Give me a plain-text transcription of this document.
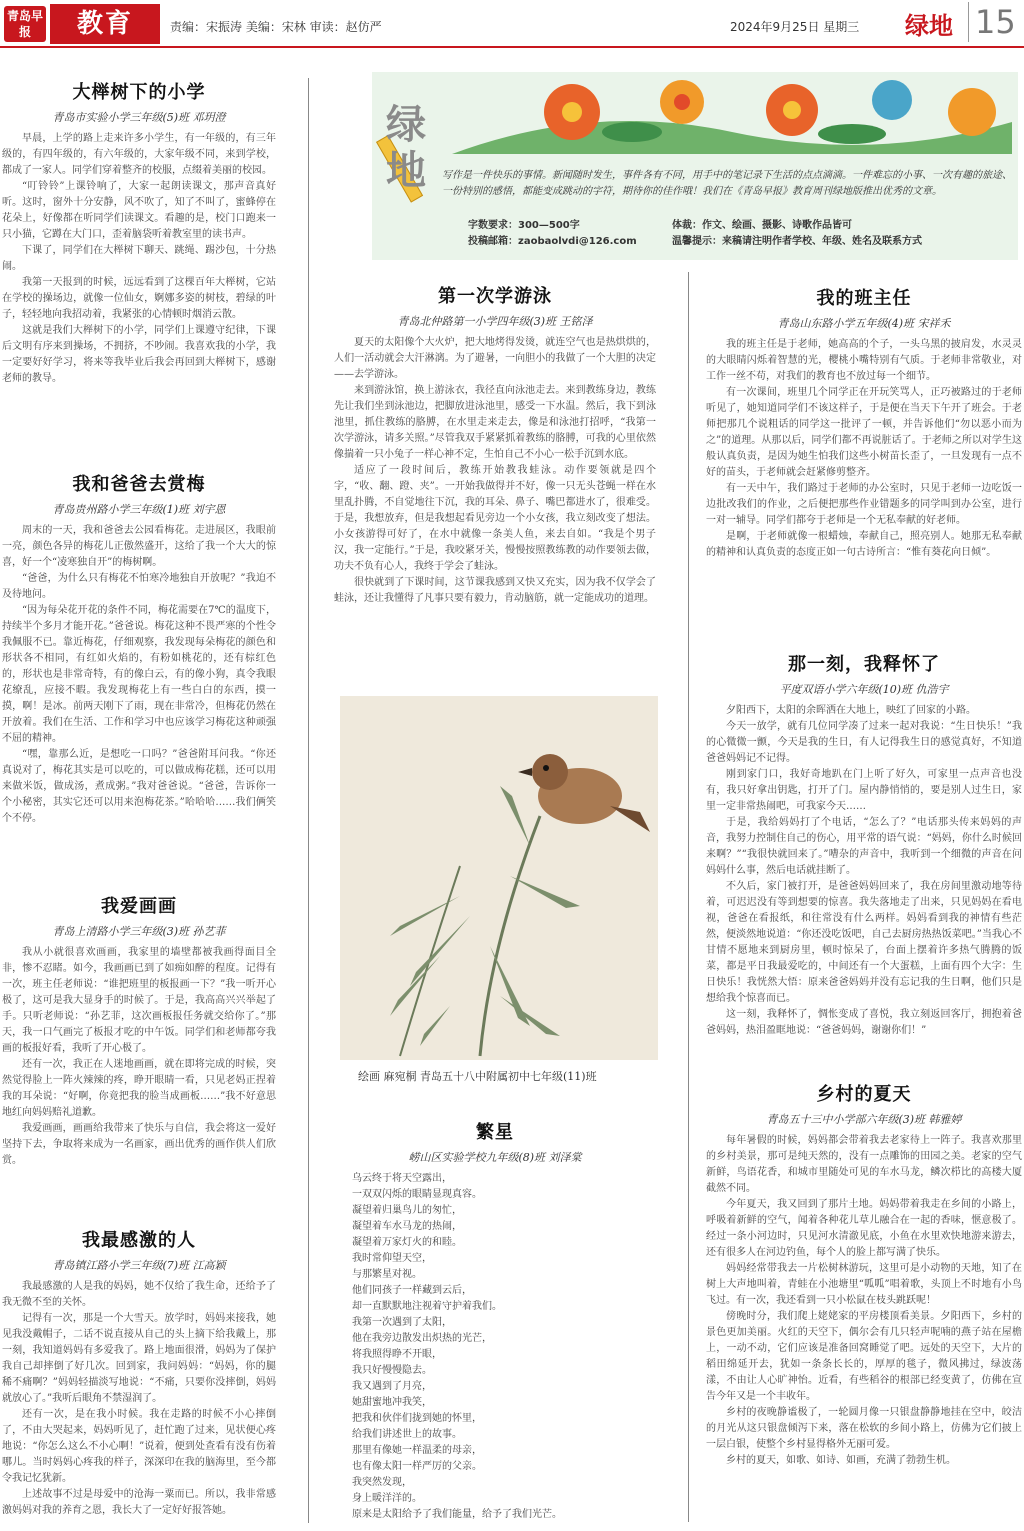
青岛早报	教育	责编：宋振涛 美编：宋林 审读：赵仿严	2024年9月25日 星期三 绿地 15
大榉树下的小学
青岛市实验小学三年级(5)班 邓玥澄

早晨，上学的路上走来许多小学生，有一年级的，有三年级的，有四年级的，有六年级的，大家年级不同，来到学校，都成了一家人。同学们穿着整齐的校服，点缀着美丽的校园。

“叮铃铃”上课铃响了，大家一起朗读课文，那声音真好听。这时，窗外十分安静，风不吹了，知了不叫了，蜜蜂停在花朵上，好像都在听同学们读课文。看趣的是，校门口跑来一只小猫，它蹲在大门口，歪着脑袋听着教室里的读书声。

下课了，同学们在大榉树下聊天、跳绳、踢沙包，十分热闹。

我第一天报到的时候，远远看到了这棵百年大榉树，它站在学校的操场边，就像一位仙女，婀娜多姿的树枝，碧绿的叶子，轻轻地向我招动着，我紧张的心情顿时烟消云散。

这就是我们大榉树下的小学，同学们上课遵守纪律，下课后文明有序来到操场，不拥挤，不吵闹。我喜欢我的小学，我一定要好好学习，将来等我毕业后我会再回到大榉树下，感谢老师的教导。

我和爸爸去赏梅
青岛贵州路小学三年级(1)班 刘宇恩

周末的一天，我和爸爸去公园看梅花。走进展区，我眼前一亮，颜色各异的梅花儿正傲然盛开，这给了我一个大大的惊喜，好一个“凌寒独自开”的梅树啊。

“爸爸，为什么只有梅花不怕寒冷地独自开放呢？”我迫不及待地问。

“因为每朵花开花的条件不同，梅花需要在7℃的温度下，持续半个多月才能开花。”爸爸说。梅花这种不畏严寒的个性令我佩服不已。靠近梅花，仔细观察，我发现每朵梅花的颜色和形状各不相同，有红如火焰的，有粉如桃花的，还有棕红色的，形状也是非常奇特，有的像白云，有的像小狗，真令我眼花缭乱，应接不暇。我发现梅花上有一些白白的东西，摸一摸，啊！是冰。前两天刚下了雨，现在非常冷，但梅花仍然在开放着。我们在生活、工作和学习中也应该学习梅花这种顽强不屈的精神。

“嘿，靠那么近，是想吃一口吗？”爸爸附耳问我。“你还真说对了，梅花其实是可以吃的，可以做成梅花糕，还可以用来做米饭，做成汤，煮成粥。”我对爸爸说。“爸爸，告诉你一个小秘密，其实它还可以用来泡梅花茶。”哈哈哈……我们俩笑个不停。

我爱画画
青岛上清路小学三年级(3)班 孙艺菲

我从小就很喜欢画画，我家里的墙壁都被我画得面目全非，惨不忍睹。如今，我画画已到了如痴如醉的程度。记得有一次，班主任老师说：“谁把班里的板报画一下？”我一听开心极了，这可是我大显身手的时候了。于是，我高高兴兴举起了手。只听老师说：“孙艺菲，这次画板报任务就交给你了。”那天，我一口气画完了板报才吃的中午饭。同学们和老师都夸我画的板报好看，我听了开心极了。

还有一次，我正在人迷地画画，就在即将完成的时候，突然觉得脸上一阵火辣辣的疼，睁开眼睛一看，只见老妈正捏着我的耳朵说：“好啊，你竟把我的脸当成画板……”我不好意思地红向妈妈赔礼道歉。

我爱画画，画画给我带来了快乐与自信，我会将这一爱好坚持下去，争取将来成为一名画家，画出优秀的画作供人们欣赏。

我最感激的人
青岛镇江路小学三年级(7)班 江高颖

我最感激的人是我的妈妈，她不仅给了我生命，还给予了我无微不至的关怀。

记得有一次，那是一个大雪天。放学时，妈妈来接我，她见我没戴帽子，二话不说直接从自己的头上摘下给我戴上，那一刻，我知道妈妈有多爱我了。路上地面很滑，妈妈为了保护我自己却摔倒了好几次。回到家，我问妈妈：“妈妈，你的腿稀不痛啊？”妈妈轻描淡写地说：“不痛，只要你没摔倒，妈妈就放心了。”我听后眼角不禁湿润了。

还有一次，是在我小时候。我在走路的时候不小心摔倒了，不由大哭起来，妈妈听见了，赶忙跑了过来，见状便心疼地说：“你怎么这么不小心啊！”说着，便到处查看有没有伤着哪儿。当时妈妈心疼我的样子，深深印在我的脑海里，至今都令我记忆犹新。

上述故事不过是母爱中的沧海一粟而已。所以，我非常感激妈妈对我的养育之恩，我长大了一定好好报答她。

绿地	写作是一件快乐的事情。新闻随时发生，事件各有不同，用手中的笔记录下生活的点点滴滴。一件难忘的小事、一次有趣的旅途、一份特别的感悟，都能变成跳动的字符，期待你的佳作哦！我们在《青岛早报》教育周刊绿地版推出优秀的文章。
字数要求：300—500字
投稿邮箱：zaobaolvdi@126.com
体裁：作文、绘画、摄影、诗歌作品皆可
温馨提示：来稿请注明作者学校、年级、姓名及联系方式
第一次学游泳
青岛北仲路第一小学四年级(3)班 王铭泽

夏天的太阳像个大火炉，把大地烤得发烫，就连空气也是热烘烘的，人们一活动就会大汗淋漓。为了避暑，一向胆小的我做了一个大胆的决定——去学游泳。

来到游泳馆，换上游泳衣，我径直向泳池走去。来到教练身边，教练先让我们坐到泳池边，把脚放进泳池里，感受一下水温。然后，我下到泳池里，抓住教练的胳膊，在水里走来走去，像是和泳池打招呼，“我第一次学游泳，请多关照。”尽管我双手紧紧抓着教练的胳膊，可我的心里依然像揣着一只小兔子一样心神不定，生怕自己不小心一松手沉到水底。

适应了一段时间后，教练开始教我蛙泳。动作要领就是四个字，“收、翻、蹬、夹”。一开始我做得并不好，像一只无头苍蝇一样在水里乱扑腾，不自觉地往下沉，我的耳朵、鼻子、嘴巴都进水了，很难受。于是，我想放弃，但是我想起看见旁边一个小女孩，我立刻改变了想法。小女孩游得可好了，在水中就像一条美人鱼，来去自如。“我是个男子汉，我一定能行。”于是，我咬紧牙关，慢慢按照教练教的动作要领去做，功夫不负有心人，我终于学会了蛙泳。

很快就到了下课时间，这节课我感到又快又充实，因为我不仅学会了蛙泳，还让我懂得了凡事只要有毅力，肯动脑筋，就一定能成功的道理。

绘画 麻宛桐 青岛五十八中附属初中七年级(11)班
繁星
崂山区实验学校九年级(8)班 刘泽棠
乌云终于将天空露出，
一双双闪烁的眼睛显现真容。
凝望着归巢鸟儿的匆忙，
凝望着车水马龙的热闹，
凝望着万家灯火的和睦。
我时常仰望天空，
与那繁星对视。
他们同孩子一样藏到云后，
却一直默默地注视着守护着我们。
我第一次遇到了太阳，
他在我旁边散发出炽热的光芒，
将我照得睁不开眼，
我只好慢慢隐去。
我又遇到了月亮，
她甜蜜地冲我笑，
把我和伙伴们拢到她的怀里，
给我们讲述世上的故事。
那里有像她一样温柔的母亲，
也有像太阳一样严厉的父亲。
我突然发现，
身上暖洋洋的。
原来是太阳给予了我们能量，给予了我们光芒。
我的班主任
青岛山东路小学五年级(4)班 宋祥禾

我的班主任是于老师，她高高的个子，一头乌黑的披肩发，水灵灵的大眼睛闪烁着智慧的光，樱桃小嘴特别有气质。于老师非常敬业，对工作一丝不苟，对我们的教育也不放过每一个细节。

有一次课间，班里几个同学正在开玩笑骂人，正巧被路过的于老师听见了，她知道同学们不该这样子，于是便在当天下午开了班会。于老师把那几个说粗话的同学这一批评了一顿，并告诉他们“勿以恶小而为之”的道理。从那以后，同学们都不再说脏话了。于老师之所以对学生这般认真负责，是因为她生怕我们这些小树苗长歪了，一旦发现有一点不好的苗头，于老师就会赶紧修剪整齐。

有一天中午，我们路过于老师的办公室时，只见于老师一边吃饭一边批改我们的作业，之后便把那些作业错题多的同学叫到办公室，进行一对一辅导。同学们都夸于老师是一个无私奉献的好老师。

是啊，于老师就像一根蜡烛，奉献自己，照亮别人。她那无私奉献的精神和认真负责的态度正如一句古诗所言：“惟有葵花向日倾”。

那一刻，我释怀了
平度双语小学六年级(10)班 仇浩宇

夕阳西下，太阳的余晖洒在大地上，映红了回家的小路。

今天一放学，就有几位同学凑了过来一起对我说：“生日快乐！”我的心微微一颤，今天是我的生日，有人记得我生日的感觉真好，不知道爸爸妈妈记不记得。

刚到家门口，我好奇地趴在门上听了好久，可家里一点声音也没有，我只好拿出钥匙，打开了门。屋内静悄悄的，要是别人过生日，家里一定非常热闹吧，可我家今天……

于是，我给妈妈打了个电话，“怎么了？”电话那头传来妈妈的声音，我努力控制住自己的伤心，用平常的语气说：“妈妈，你什么时候回来啊？”“我很快就回来了。”嘈杂的声音中，我听到一个细微的声音在问妈妈什么事，然后电话就挂断了。

不久后，家门被打开，是爸爸妈妈回来了，我在房间里激动地等待着，可迟迟没有等到想要的惊喜。我失落地走了出来，只见妈妈在看电视，爸爸在看报纸，和往常没有什么两样。妈妈看到我的神情有些茫然，便淡然地说道：“你还没吃饭吧，自己去厨房热热饭菜吧。”当我心不甘情不愿地来到厨房里，顿时惊呆了，台面上摆着许多热气腾腾的饭菜，都是平日我最爱吃的，中间还有一个大蛋糕，上面有四个大字：生日快乐！我恍然大悟：原来爸爸妈妈并没有忘记我的生日啊，他们只是想给我个惊喜而已。

这一刻，我释怀了，惆怅变成了喜悦，我立刻返回客厅，拥抱着爸爸妈妈，热泪盈眶地说：“爸爸妈妈，谢谢你们！”

乡村的夏天
青岛五十三中小学部六年级(3)班 韩雅婷

每年暑假的时候，妈妈都会带着我去老家待上一阵子。我喜欢那里的乡村美景，那可是纯天然的，没有一点雕饰的田园之美。老家的空气新鲜，鸟语花香，和城市里随处可见的车水马龙，鳞次栉比的高楼大厦截然不同。

今年夏天，我又回到了那片土地。妈妈带着我走在乡间的小路上，呼吸着新鲜的空气，闻着各种花儿草儿融合在一起的香味，惬意极了。经过一条小河边时，只见河水清澈见底，小鱼在水里欢快地游来游去，还有很多人在河边钓鱼，每个人的脸上都写满了快乐。

妈妈经常带我去一片松树林游玩，这里可是小动物的天地，知了在树上大声地叫着，青蛙在小池塘里“呱呱”唱着歌，头顶上不时地有小鸟飞过。有一次，我还看到一只小松鼠在枝头跳跃呢！

傍晚时分，我们爬上姥姥家的平房楼顶看美景。夕阳西下，乡村的景色更加美丽。火红的天空下，偶尔会有几只轻声呢喃的燕子站在屋檐上，一动不动，它们应该是准备回窝睡觉了吧。远处的天空下，大片的稻田绵延开去，犹如一条条长长的，厚厚的毯子，微风拂过，绿波荡漾，不由让人心旷神怡。近看，有些稻谷的根部已经变黄了，仿佛在宣告今年又是一个丰收年。

乡村的夜晚静谧极了，一轮圆月像一只银盘静静地挂在空中，皎洁的月光从这只银盘倾泻下来，落在松软的乡间小路上，仿佛为它们披上一层白银，使整个乡村显得格外无丽可爱。

乡村的夏天，如歌、如诗、如画，充满了勃勃生机。
